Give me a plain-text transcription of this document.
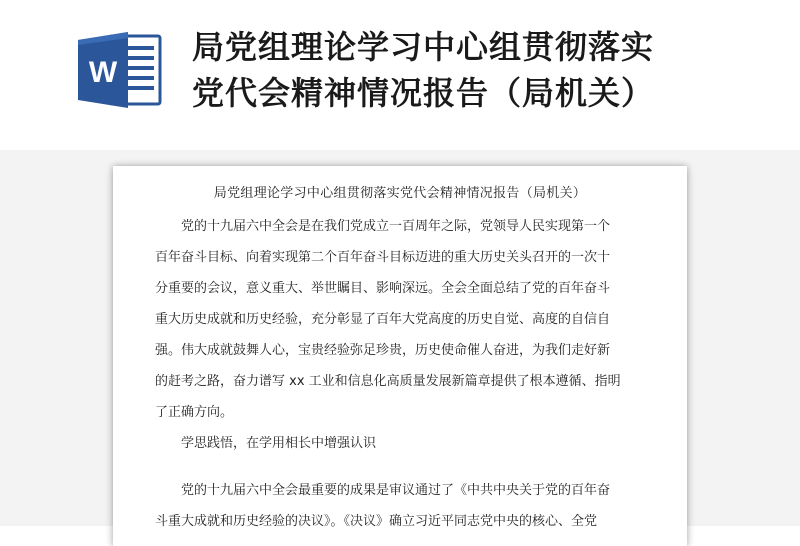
W
局党组理论学习中心组贯彻落实
党代会精神情况报告（局机关）
局党组理论学习中心组贯彻落实党代会精神情况报告（局机关）
党的十九届六中全会是在我们党成立一百周年之际，党领导人民实现第一个
百年奋斗目标、向着实现第二个百年奋斗目标迈进的重大历史关头召开的一次十
分重要的会议，意义重大、举世瞩目、影响深远。全会全面总结了党的百年奋斗
重大历史成就和历史经验，充分彰显了百年大党高度的历史自觉、高度的自信自
强。伟大成就鼓舞人心，宝贵经验弥足珍贵，历史使命催人奋进，为我们走好新
的赶考之路，奋力谱写 xx 工业和信息化高质量发展新篇章提供了根本遵循、指明
了正确方向。
学思践悟，在学用相长中增强认识
党的十九届六中全会最重要的成果是审议通过了《中共中央关于党的百年奋
斗重大成就和历史经验的决议》。《决议》确立习近平同志党中央的核心、全党
